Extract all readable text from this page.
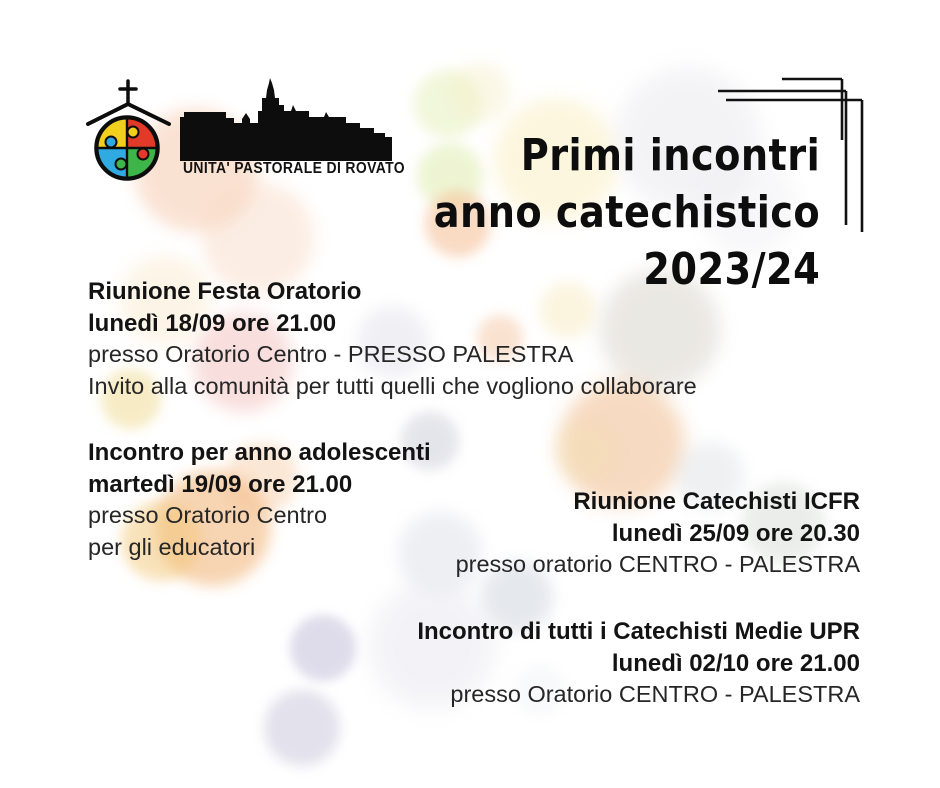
UNITA' PASTORALE DI ROVATO	Primi incontri
anno catechistico
2023/24
Riunione Festa Oratorio
lunedì 18/09 ore 21.00
presso Oratorio Centro - PRESSO PALESTRA
Invito alla comunità per tutti quelli che vogliono collaborare
Incontro per anno adolescenti
martedì 19/09 ore 21.00
presso Oratorio Centro
per gli educatori
Riunione Catechisti ICFR
lunedì 25/09 ore 20.30
presso oratorio CENTRO - PALESTRA
Incontro di tutti i Catechisti Medie UPR
lunedì 02/10 ore 21.00
presso Oratorio CENTRO - PALESTRA
